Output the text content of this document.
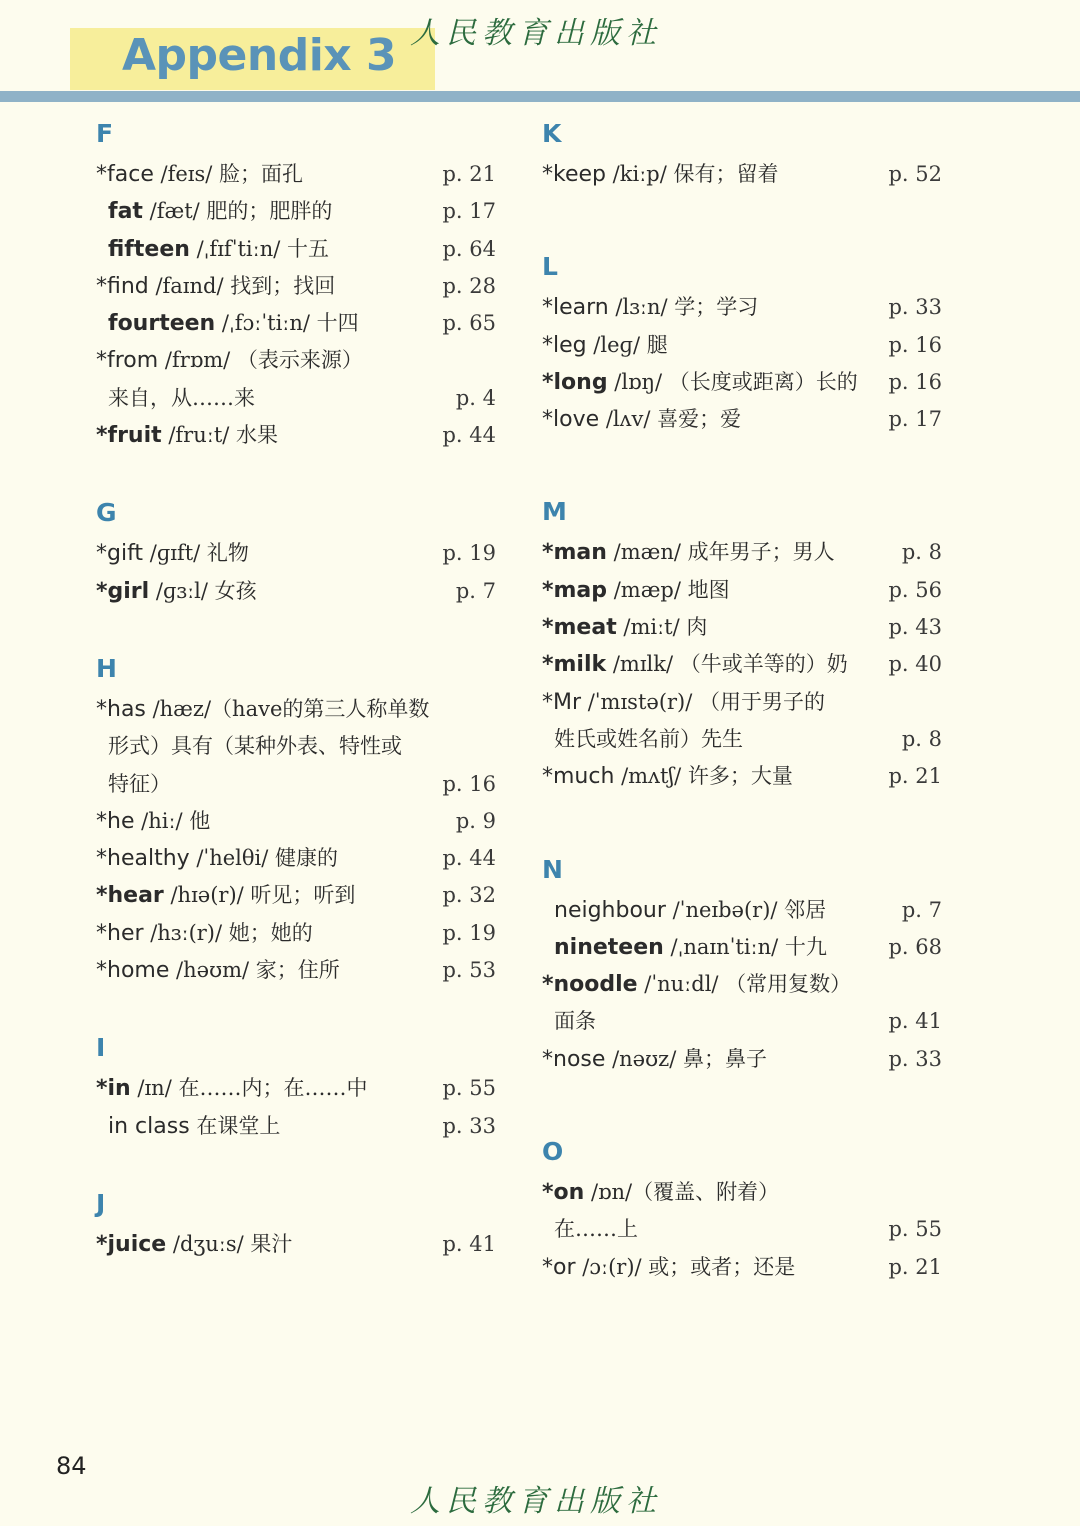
Appendix 3 人民教育出版社
F
*face /feɪs/ 脸；面孔	p. 21
fat /fæt/ 肥的；肥胖的	p. 17
fifteen /ˌfɪfˈtiːn/ 十五	p. 64
*find /faɪnd/ 找到；找回	p. 28
fourteen /ˌfɔːˈtiːn/ 十四	p. 65
*from /frɒm/ （表示来源）
来自，从……来	p. 4
*fruit /fruːt/ 水果	p. 44
G
*gift /ɡɪft/ 礼物	p. 19
*girl /ɡɜːl/ 女孩	p. 7
H
*has /hæz/（have的第三人称单数
形式）具有（某种外表、特性或
特征）	p. 16
*he /hiː/ 他	p. 9
*healthy /ˈhelθi/ 健康的	p. 44
*hear /hɪə(r)/ 听见；听到	p. 32
*her /hɜː(r)/ 她；她的	p. 19
*home /həʊm/ 家；住所	p. 53
I
*in /ɪn/ 在……内；在……中	p. 55
in class 在课堂上	p. 33
J
*juice /dʒuːs/ 果汁	p. 41
K
*keep /kiːp/ 保有；留着	p. 52
L
*learn /lɜːn/ 学；学习	p. 33
*leg /leɡ/ 腿	p. 16
*long /lɒŋ/ （长度或距离）长的 p. 16
*love /lʌv/ 喜爱；爱	p. 17
M
*man /mæn/ 成年男子；男人	p. 8
*map /mæp/ 地图	p. 56
*meat /miːt/ 肉	p. 43
*milk /mɪlk/ （牛或羊等的）奶 p. 40
*Mr /ˈmɪstə(r)/ （用于男子的
姓氏或姓名前）先生	p. 8
*much /mʌtʃ/ 许多；大量	p. 21
N
neighbour /ˈneɪbə(r)/ 邻居	p. 7
nineteen /ˌnaɪnˈtiːn/ 十九	p. 68
*noodle /ˈnuːdl/ （常用复数）
面条	p. 41
*nose /nəʊz/ 鼻；鼻子	p. 33
O
*on /ɒn/（覆盖、附着）
在……上	p. 55
*or /ɔː(r)/ 或；或者；还是	p. 21
84
人民教育出版社
